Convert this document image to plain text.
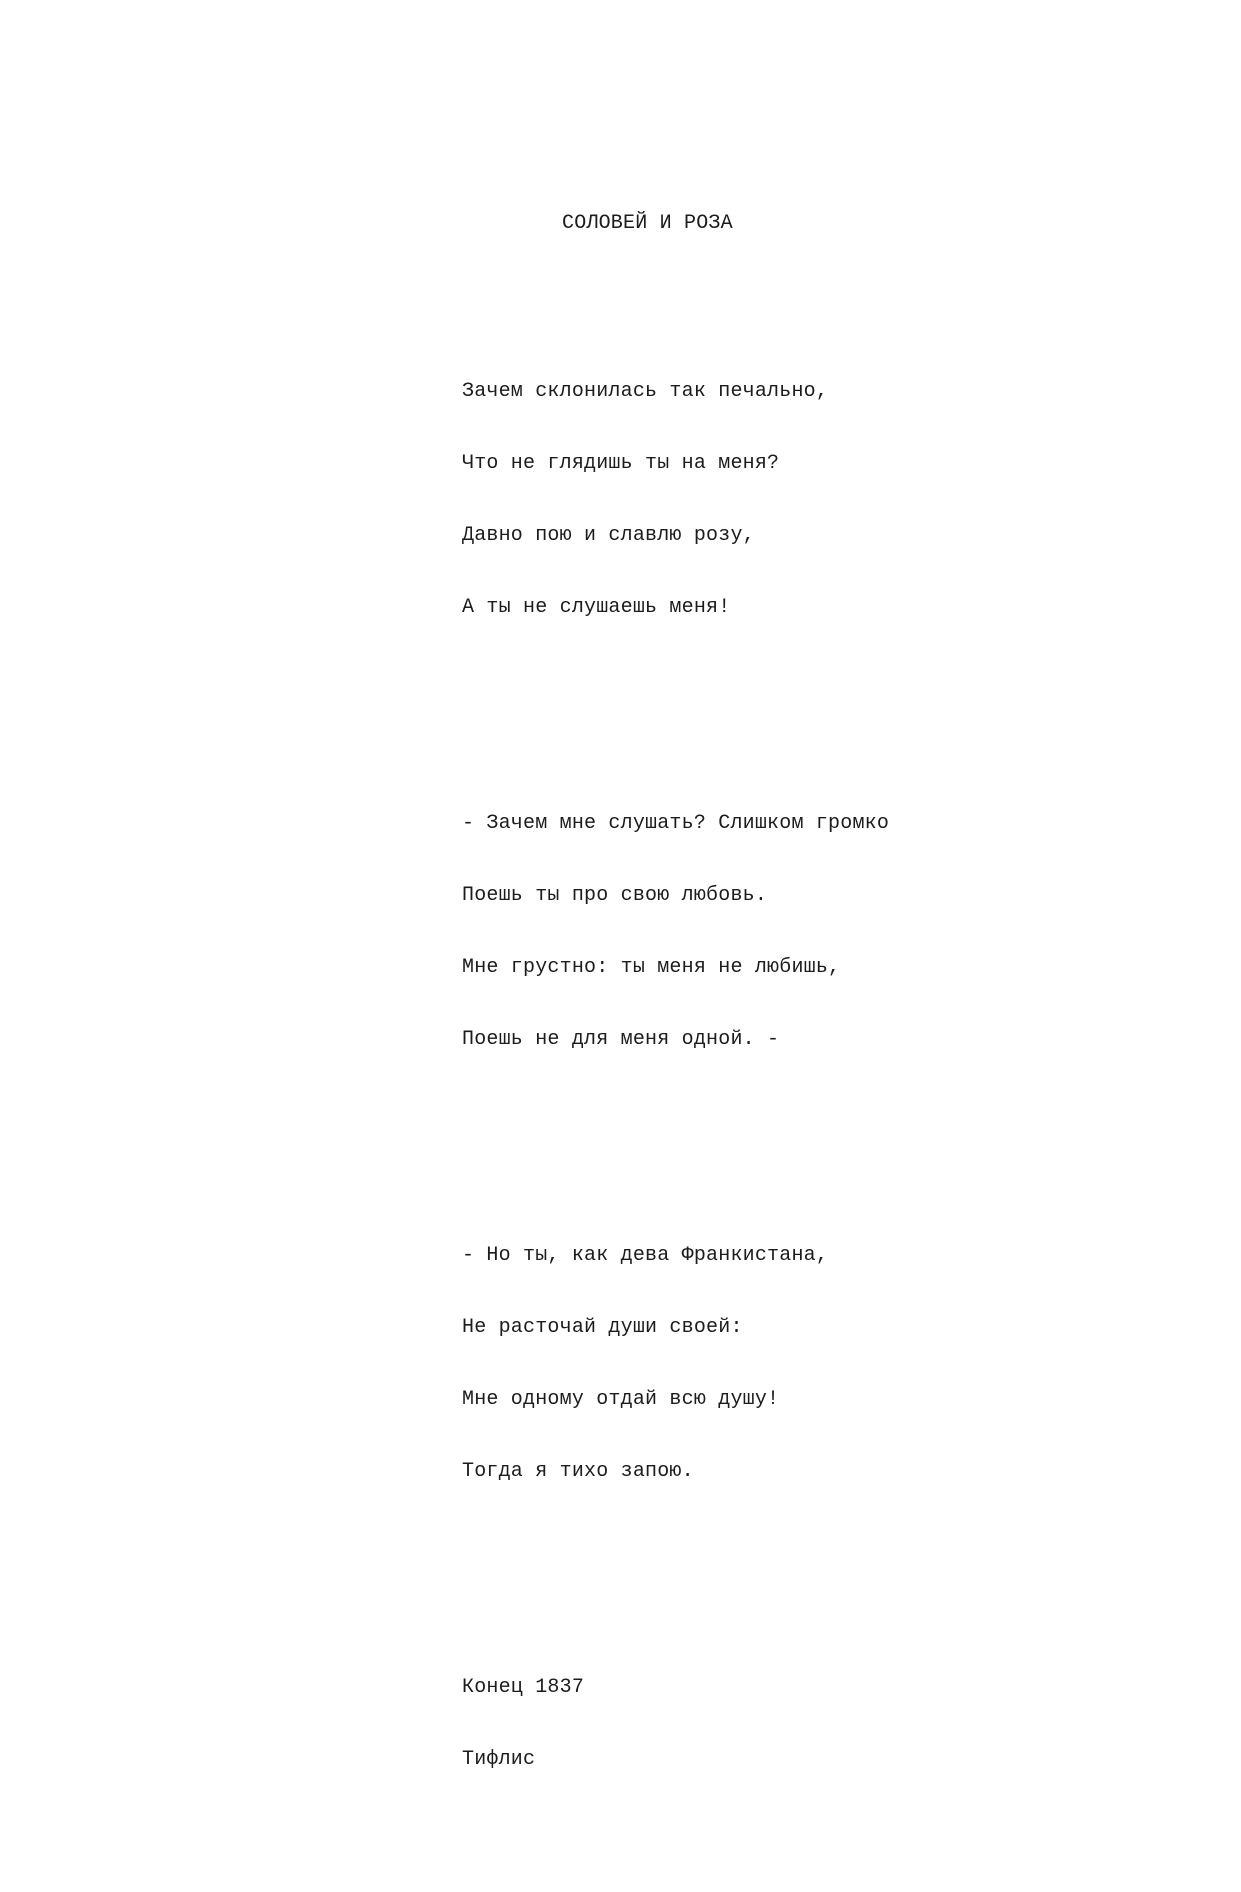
СОЛОВЕЙ И РОЗА

Зачем склонилась так печально,

Что не глядишь ты на меня?

Давно пою и славлю розу,

А ты не слушаешь меня!

- Зачем мне слушать? Слишком громко

Поешь ты про свою любовь.

Мне грустно: ты меня не любишь,

Поешь не для меня одной. -

- Но ты, как дева Франкистана,

Не расточай души своей:

Мне одному отдай всю душу!

Тогда я тихо запою.

Конец 1837

Тифлис
